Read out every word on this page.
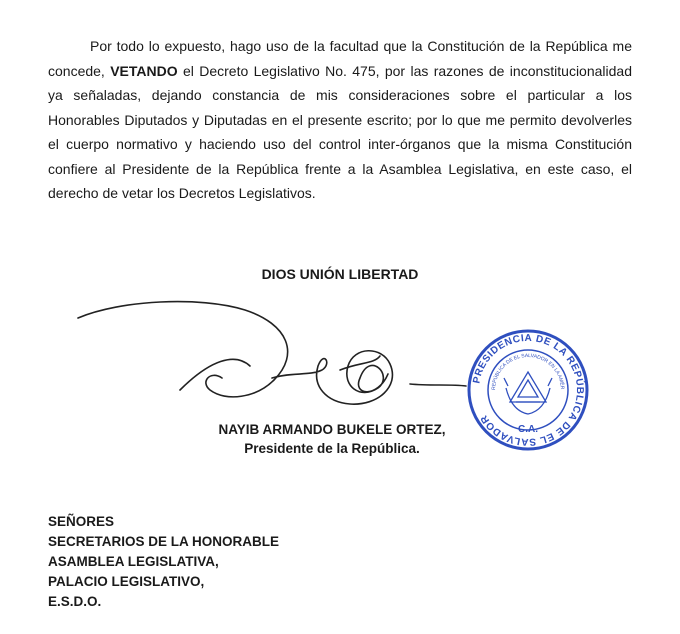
Por todo lo expuesto, hago uso de la facultad que la Constitución de la República me concede, VETANDO el Decreto Legislativo No. 475, por las razones de inconstitucionalidad ya señaladas, dejando constancia de mis consideraciones sobre el particular a los Honorables Diputados y Diputadas en el presente escrito; por lo que me permito devolverles el cuerpo normativo y haciendo uso del control inter-órganos que la misma Constitución confiere al Presidente de la República frente a la Asamblea Legislativa, en este caso, el derecho de vetar los Decretos Legislativos.

DIOS UNIÓN LIBERTAD
PRESIDENCIA DE LA REPÚBLICA DE EL SALVADOR
REPÚBLICA DE EL SALVADOR EN LA AMÉR
C.A.
NAYIB ARMANDO BUKELE ORTEZ,
Presidente de la República.
SEÑORES
SECRETARIOS DE LA HONORABLE
ASAMBLEA LEGISLATIVA,
PALACIO LEGISLATIVO,
E.S.D.O.
